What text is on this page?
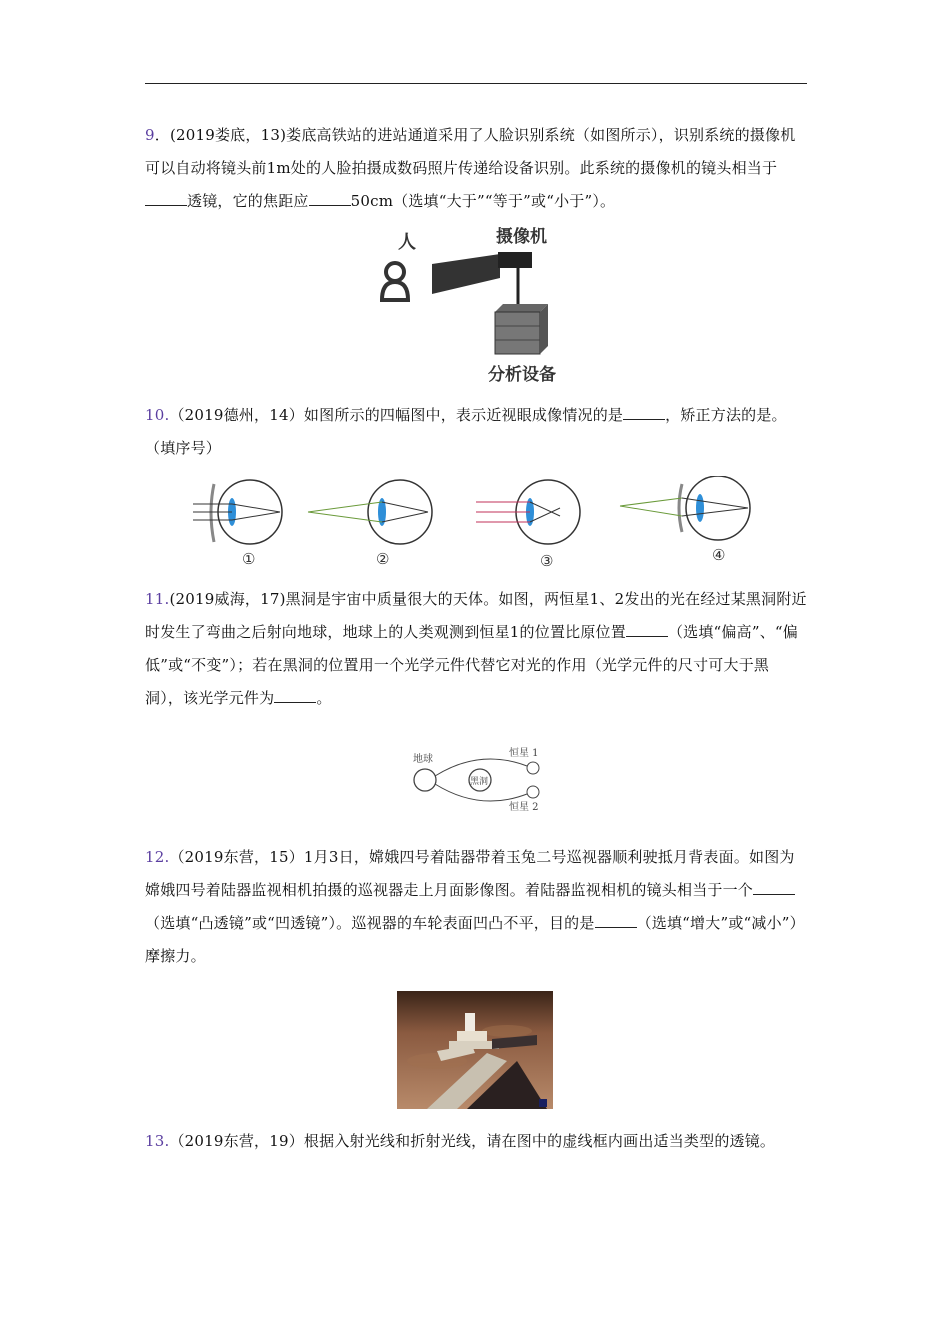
9．(2019娄底，13)娄底高铁站的进站通道采用了人脸识别系统（如图所示），识别系统的摄像机可以自动将镜头前1m处的人脸拍摄成数码照片传递给设备识别。此系统的摄像机的镜头相当于透镜，它的焦距应	50cm（选填“大于”“等于”或“小于”）。
人	摄像机
分析设备
10.（2019德州，14）如图所示的四幅图中，表示近视眼成像情况的是	，矫正方法的是。（填序号）
①	②	③	④
11.(2019威海，17)黑洞是宇宙中质量很大的天体。如图，两恒星1、2发出的光在经过某黑洞附近时发生了弯曲之后射向地球，地球上的人类观测到恒星1的位置比原位置	（选填“偏高”、“偏低”或“不变”）；若在黑洞的位置用一个光学元件代替它对光的作用（光学元件的尺寸可大于黑洞），该光学元件为	。
地球
黑洞
恒星 1
恒星 2
12.（2019东营，15）1月3日，嫦娥四号着陆器带着玉兔二号巡视器顺利驶抵月背表面。如图为嫦娥四号着陆器监视相机拍摄的巡视器走上月面影像图。着陆器监视相机的镜头相当于一个（选填“凸透镜”或“凹透镜”）。巡视器的车轮表面凹凸不平，目的是	（选填“增大”或“减小”）摩擦力。
13.（2019东营，19）根据入射光线和折射光线，请在图中的虚线框内画出适当类型的透镜。
